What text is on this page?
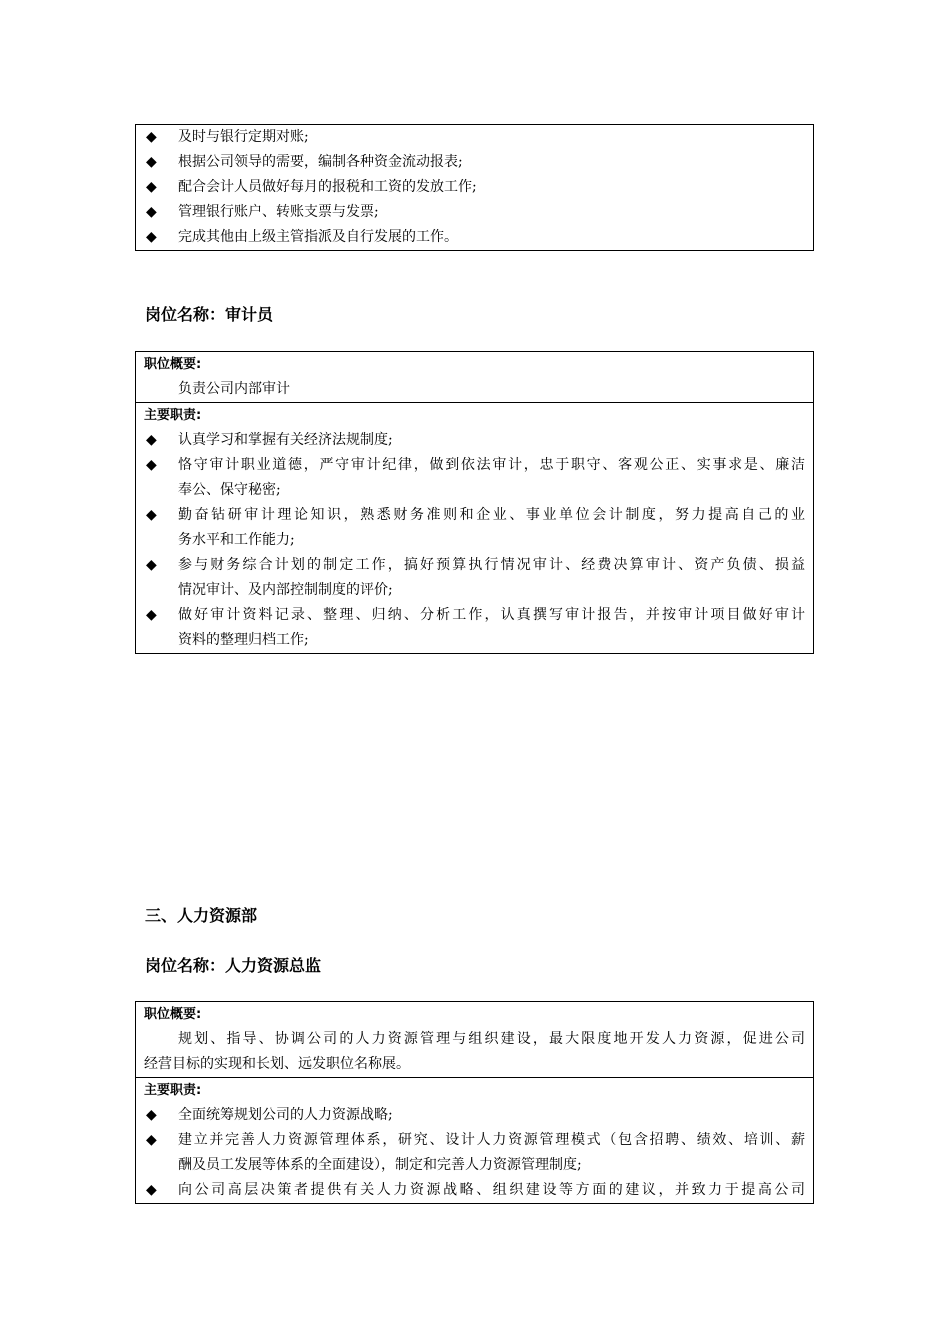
◆ 及时与银行定期对账;
◆ 根据公司领导的需要，编制各种资金流动报表;
◆ 配合会计人员做好每月的报税和工资的发放工作;
◆ 管理银行账户、转账支票与发票;
◆ 完成其他由上级主管指派及自行发展的工作。
岗位名称：审计员
职位概要:
负责公司内部审计
主要职责:
◆ 认真学习和掌握有关经济法规制度;
◆ 恪守审计职业道德，严守审计纪律，做到依法审计，忠于职守、客观公正、实事求是、廉洁
奉公、保守秘密;
◆ 勤奋钻研审计理论知识，熟悉财务准则和企业、事业单位会计制度，努力提高自己的业
务水平和工作能力;
◆ 参与财务综合计划的制定工作，搞好预算执行情况审计、经费决算审计、资产负债、损益
情况审计、及内部控制制度的评价;
◆ 做好审计资料记录、整理、归纳、分析工作，认真撰写审计报告，并按审计项目做好审计
资料的整理归档工作;
三、人力资源部
岗位名称：人力资源总监
职位概要:
规划、指导、协调公司的人力资源管理与组织建设，最大限度地开发人力资源，促进公司
经营目标的实现和长划、远发职位名称展。
主要职责:
◆ 全面统筹规划公司的人力资源战略;
◆ 建立并完善人力资源管理体系，研究、设计人力资源管理模式（包含招聘、绩效、培训、薪
酬及员工发展等体系的全面建设），制定和完善人力资源管理制度;
◆ 向公司高层决策者提供有关人力资源战略、组织建设等方面的建议，并致力于提高公司
